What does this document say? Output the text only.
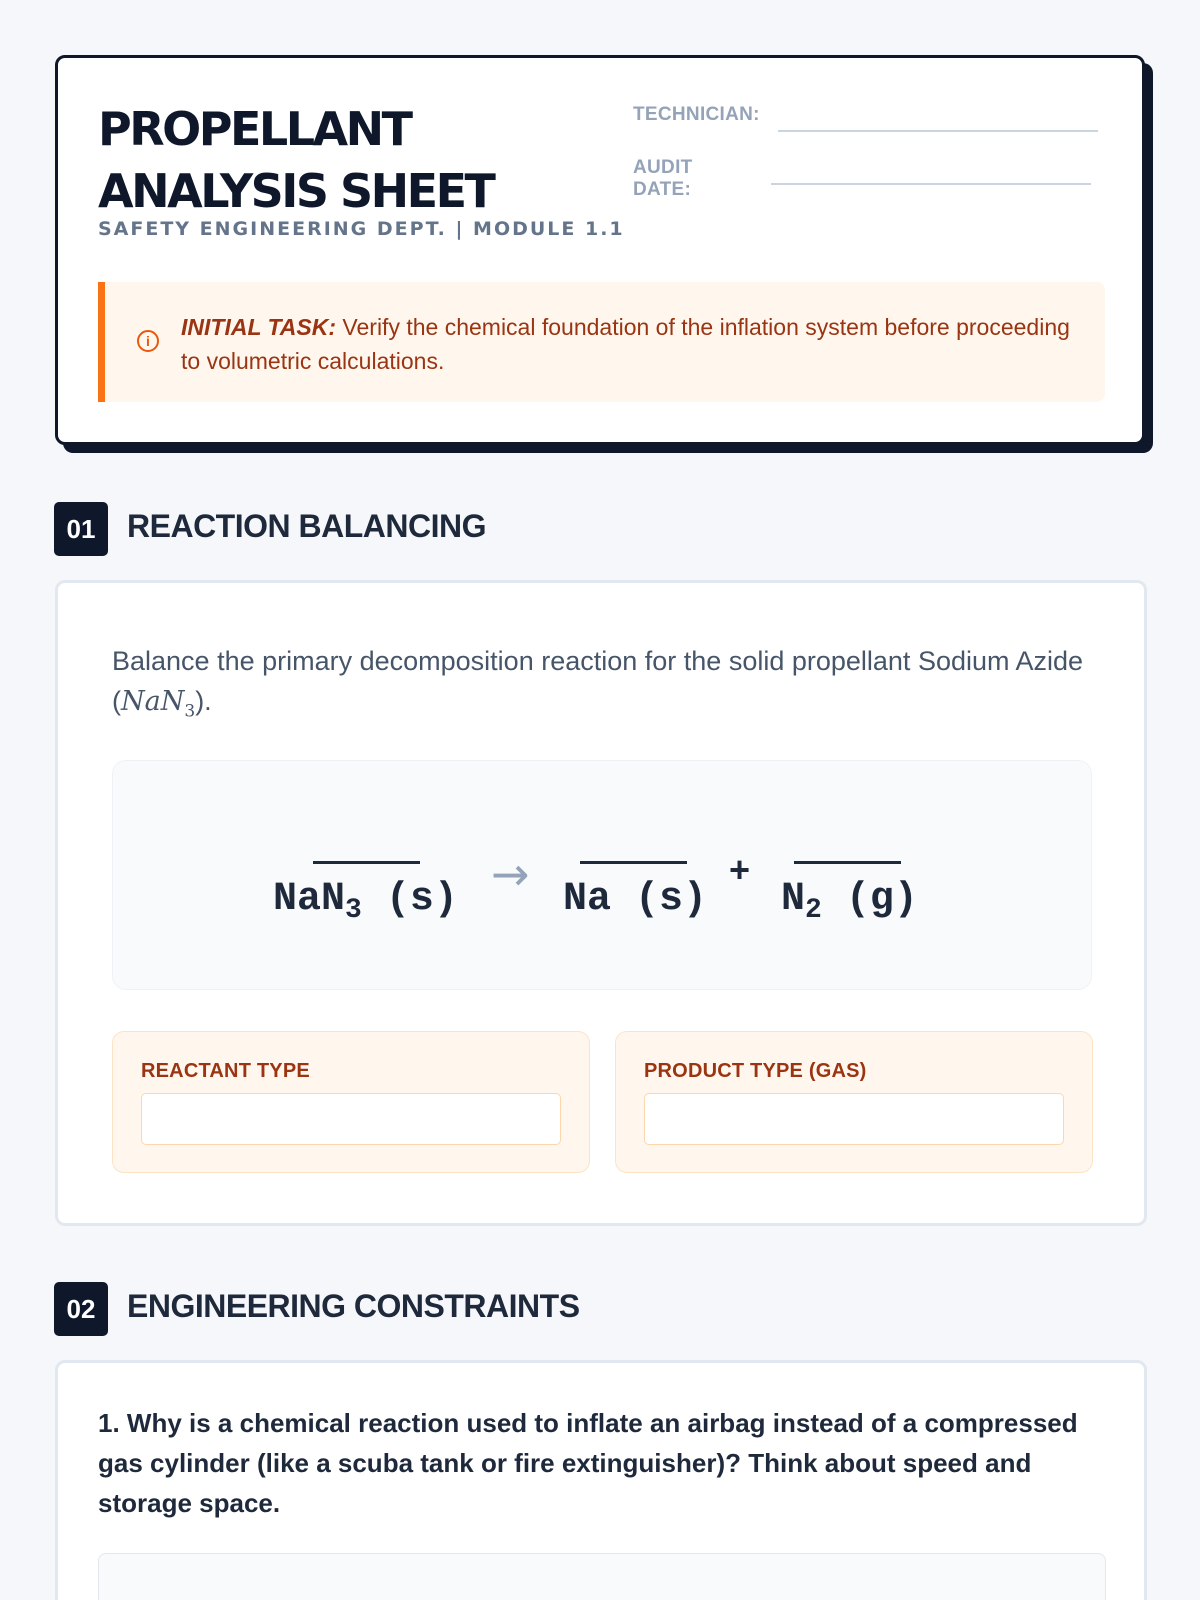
PROPELLANT
ANALYSIS SHEET
SAFETY ENGINEERING DEPT. | MODULE 1.1
TECHNICIAN:
AUDIT DATE:
i

INITIAL TASK: Verify the chemical foundation of the inflation system before proceeding to volumetric calculations.

01 REACTION BALANCING

Balance the primary decomposition reaction for the solid propellant Sodium Azide (NaN$_3$).

NaN$_3$ (s) → Na (s)
+
$N_2$ (g)
REACTANT TYPE	PRODUCT TYPE (GAS)
02 ENGINEERING CONSTRAINTS

1. Why is a chemical reaction used to inflate an airbag instead of a compressed gas cylinder (like a scuba tank or fire extinguisher)? Think about speed and storage space.
